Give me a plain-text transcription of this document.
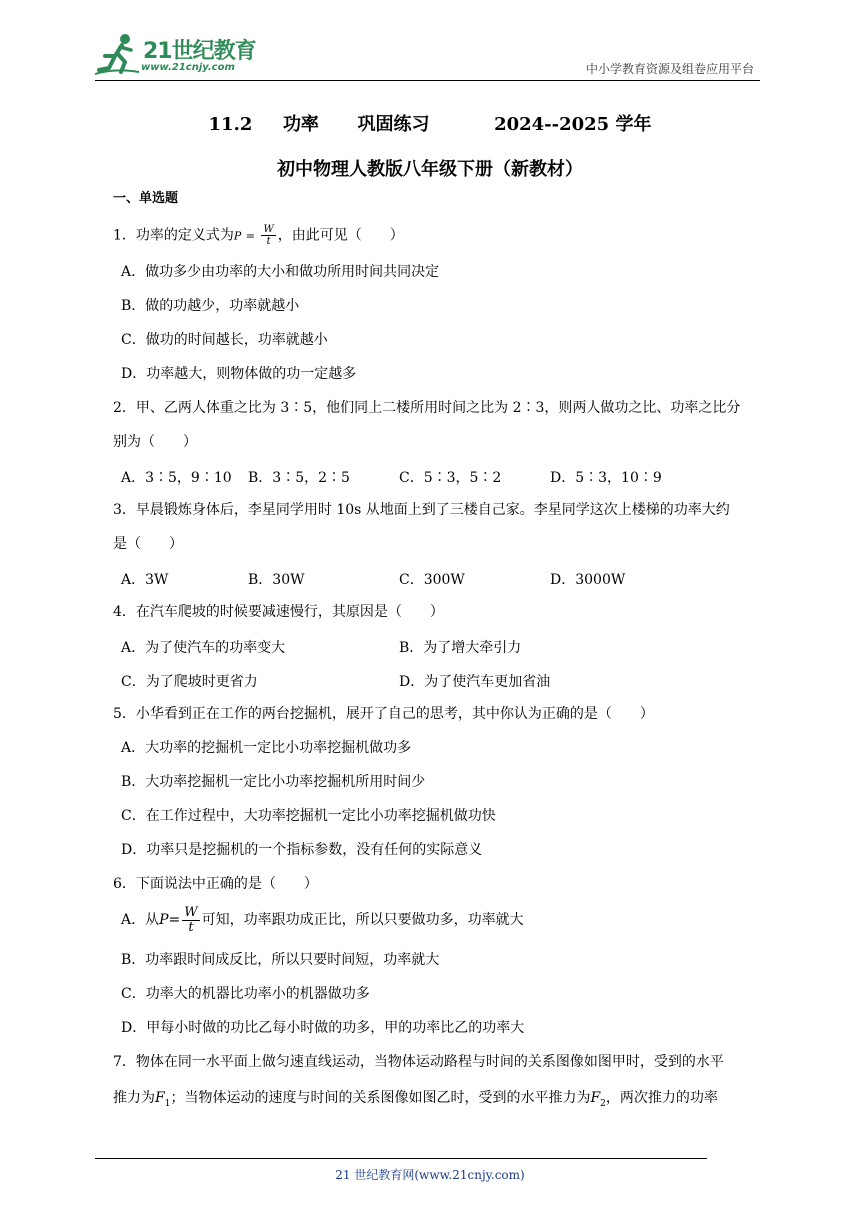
21世纪教育
www.21cnjy.com	中小学教育资源及组卷应用平台
11.2 功率 巩固练习	2024--2025 学年
初中物理人教版八年级下册（新教材）
一、单选题
1．功率的定义式为$P = \frac{W}{t}$ ，由此可见（　　）
A．做功多少由功率的大小和做功所用时间共同决定
B．做的功越少，功率就越小
C．做功的时间越长，功率就越小
D．功率越大，则物体做的功一定越多
2．甲、乙两人体重之比为 3∶5，他们同上二楼所用时间之比为 2∶3，则两人做功之比、功率之比分
别为（　　）
A．3∶5，9∶10 B．3∶5，2∶5	C．5∶3，5∶2	D．5∶3，10∶9
3．早晨锻炼身体后，李星同学用时 10s 从地面上到了三楼自己家。李星同学这次上楼梯的功率大约
是（　　）
A．3W	B．30W	C．300W	D．3000W
4．在汽车爬坡的时候要减速慢行，其原因是（　　）
A．为了使汽车的功率变大	B．为了增大牵引力
C．为了爬坡时更省力	D．为了使汽车更加省油
5．小华看到正在工作的两台挖掘机，展开了自己的思考，其中你认为正确的是（　　）
A．大功率的挖掘机一定比小功率挖掘机做功多
B．大功率挖掘机一定比小功率挖掘机所用时间少
C．在工作过程中，大功率挖掘机一定比小功率挖掘机做功快
D．功率只是挖掘机的一个指标参数，没有任何的实际意义
6．下面说法中正确的是（　　）
A．从$P= \frac{W}{t}$ 可知，功率跟功成正比，所以只要做功多，功率就大
B．功率跟时间成反比，所以只要时间短，功率就大
C．功率大的机器比功率小的机器做功多
D．甲每小时做的功比乙每小时做的功多，甲的功率比乙的功率大
7．物体在同一水平面上做匀速直线运动，当物体运动路程与时间的关系图像如图甲时，受到的水平
推力为$F_1$；当物体运动的速度与时间的关系图像如图乙时，受到的水平推力为$F_2$，两次推力的功率
21 世纪教育网(www.21cnjy.com)
